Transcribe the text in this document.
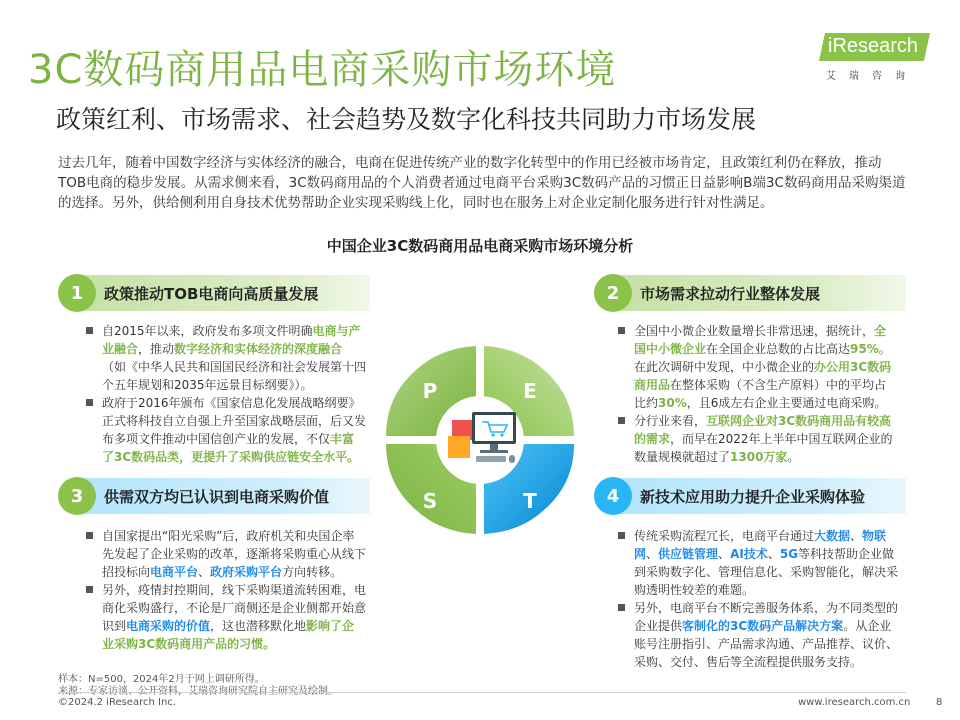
3C数码商用品电商采购市场环境
政策红利、市场需求、社会趋势及数字化科技共同助力市场发展
iResearch
艾瑞咨询
过去几年，随着中国数字经济与实体经济的融合，电商在促进传统产业的数字化转型中的作用已经被市场肯定，且政策红利仍在释放，推动TOB电商的稳步发展。从需求侧来看，3C数码商用品的个人消费者通过电商平台采购3C数码产品的习惯正日益影响B端3C数码商用品采购渠道的选择。另外，供给侧利用自身技术优势帮助企业实现采购线上化，同时也在服务上对企业定制化服务进行针对性满足。
中国企业3C数码商用品电商采购市场环境分析
1	政策推动TOB电商向高质量发展
自2015年以来，政府发布多项文件明确电商与产业融合，推动数字经济和实体经济的深度融合（如《中华人民共和国国民经济和社会发展第十四个五年规划和2035年远景目标纲要》）。
政府于2016年颁布《国家信息化发展战略纲要》正式将科技自立自强上升至国家战略层面，后又发布多项文件推动中国信创产业的发展，不仅丰富了3C数码品类，更提升了采购供应链安全水平。
2	市场需求拉动行业整体发展
全国中小微企业数量增长非常迅速，据统计，全国中小微企业在全国企业总数的占比高达95%。在此次调研中发现，中小微企业的办公用3C数码商用品在整体采购（不含生产原料）中的平均占比约30%，且6成左右企业主要通过电商采购。
分行业来看，互联网企业对3C数码商用品有较高的需求，而早在2022年上半年中国互联网企业的数量规模就超过了1300万家。
3	供需双方均已认识到电商采购价值
自国家提出“阳光采购”后，政府机关和央国企率先发起了企业采购的改革，逐渐将采购重心从线下招投标向电商平台、政府采购平台方向转移。
另外，疫情封控期间，线下采购渠道流转困难，电商化采购盛行，不论是厂商侧还是企业侧都开始意识到电商采购的价值，这也潜移默化地影响了企业采购3C数码商用产品的习惯。
4	新技术应用助力提升企业采购体验
传统采购流程冗长，电商平台通过大数据、物联网、供应链管理、AI技术、5G等科技帮助企业做到采购数字化、管理信息化、采购智能化，解决采购透明性较差的难题。
另外，电商平台不断完善服务体系，为不同类型的企业提供客制化的3C数码产品解决方案。从企业账号注册指引、产品需求沟通、产品推荐、议价、采购、交付、售后等全流程提供服务支持。
P	E
S	T
样本：N=500，2024年2月于网上调研所得。
©2024.2 iResearch Inc.	www.iresearch.com.cn	8
